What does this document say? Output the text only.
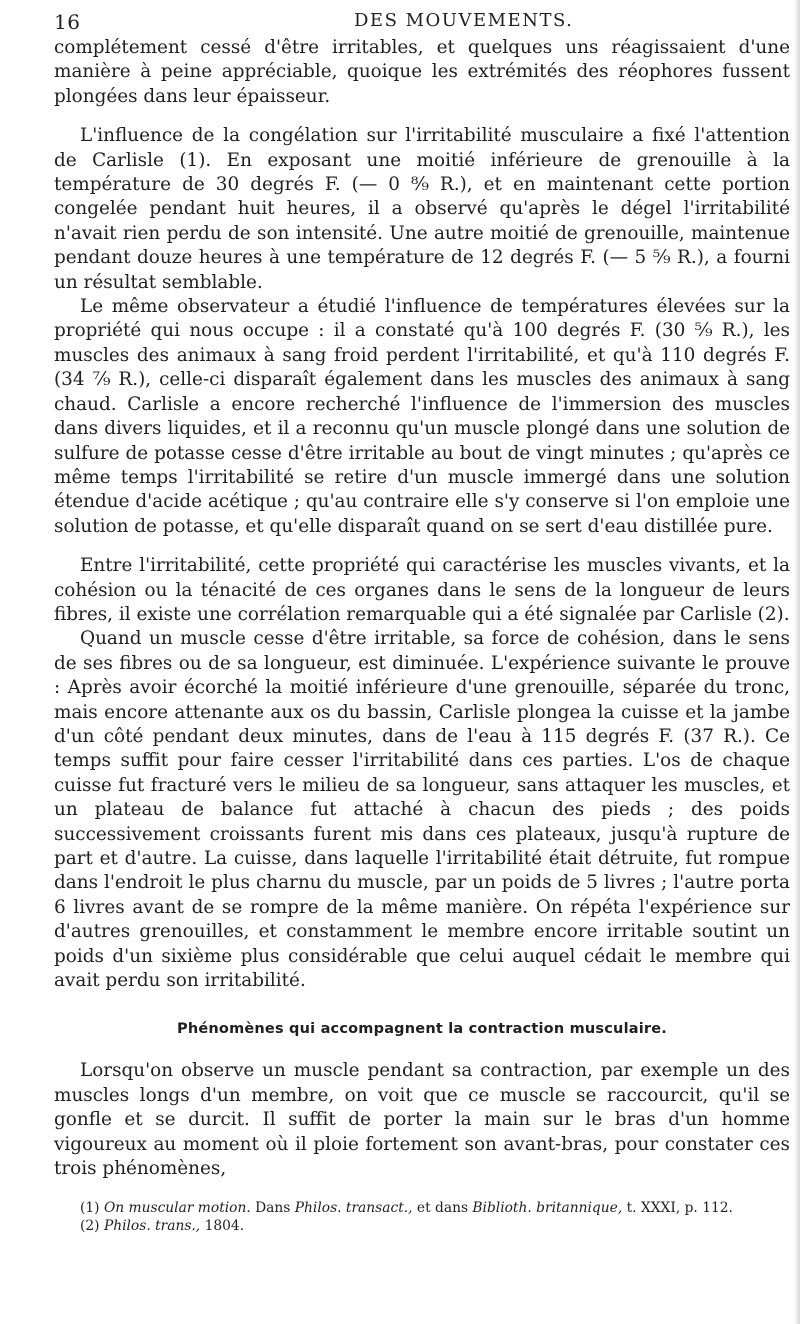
16	DES MOUVEMENTS.

complétement cessé d'être irritables, et quelques uns réagissaient d'une manière à peine appréciable, quoique les extrémités des réophores fussent plongées dans leur épaisseur.

L'influence de la congélation sur l'irritabilité musculaire a fixé l'attention de Carlisle (1). En exposant une moitié inférieure de grenouille à la température de 30 degrés F. (— 0 ⁸⁄₉ R.), et en maintenant cette portion congelée pendant huit heures, il a observé qu'après le dégel l'irritabilité n'avait rien perdu de son intensité. Une autre moitié de grenouille, maintenue pendant douze heures à une température de 12 degrés F. (— 5 ⁵⁄₉ R.), a fourni un résultat semblable.

Le même observateur a étudié l'influence de températures élevées sur la propriété qui nous occupe : il a constaté qu'à 100 degrés F. (30 ⁵⁄₉ R.), les muscles des animaux à sang froid perdent l'irritabilité, et qu'à 110 degrés F. (34 ⁷⁄₉ R.), celle-ci disparaît également dans les muscles des animaux à sang chaud. Carlisle a encore recherché l'influence de l'immersion des muscles dans divers liquides, et il a reconnu qu'un muscle plongé dans une solution de sulfure de potasse cesse d'être irritable au bout de vingt minutes ; qu'après ce même temps l'irritabilité se retire d'un muscle immergé dans une solution étendue d'acide acétique ; qu'au contraire elle s'y conserve si l'on emploie une solution de potasse, et qu'elle disparaît quand on se sert d'eau distillée pure.

Entre l'irritabilité, cette propriété qui caractérise les muscles vivants, et la cohésion ou la ténacité de ces organes dans le sens de la longueur de leurs fibres, il existe une corrélation remarquable qui a été signalée par Carlisle (2).

Quand un muscle cesse d'être irritable, sa force de cohésion, dans le sens de ses fibres ou de sa longueur, est diminuée. L'expérience suivante le prouve : Après avoir écorché la moitié inférieure d'une grenouille, séparée du tronc, mais encore attenante aux os du bassin, Carlisle plongea la cuisse et la jambe d'un côté pendant deux minutes, dans de l'eau à 115 degrés F. (37 R.). Ce temps suffit pour faire cesser l'irritabilité dans ces parties. L'os de chaque cuisse fut fracturé vers le milieu de sa longueur, sans attaquer les muscles, et un plateau de balance fut attaché à chacun des pieds ; des poids successivement croissants furent mis dans ces plateaux, jusqu'à rupture de part et d'autre. La cuisse, dans laquelle l'irritabilité était détruite, fut rompue dans l'endroit le plus charnu du muscle, par un poids de 5 livres ; l'autre porta 6 livres avant de se rompre de la même manière. On répéta l'expérience sur d'autres grenouilles, et constamment le membre encore irritable soutint un poids d'un sixième plus considérable que celui auquel cédait le membre qui avait perdu son irritabilité.

Phénomènes qui accompagnent la contraction musculaire.

Lorsqu'on observe un muscle pendant sa contraction, par exemple un des muscles longs d'un membre, on voit que ce muscle se raccourcit, qu'il se gonfle et se durcit. Il suffit de porter la main sur le bras d'un homme vigoureux au moment où il ploie fortement son avant-bras, pour constater ces trois phénomènes,

(1) On muscular motion. Dans Philos. transact., et dans Biblioth. britannique, t. XXXI, p. 112.
(2) Philos. trans., 1804.
